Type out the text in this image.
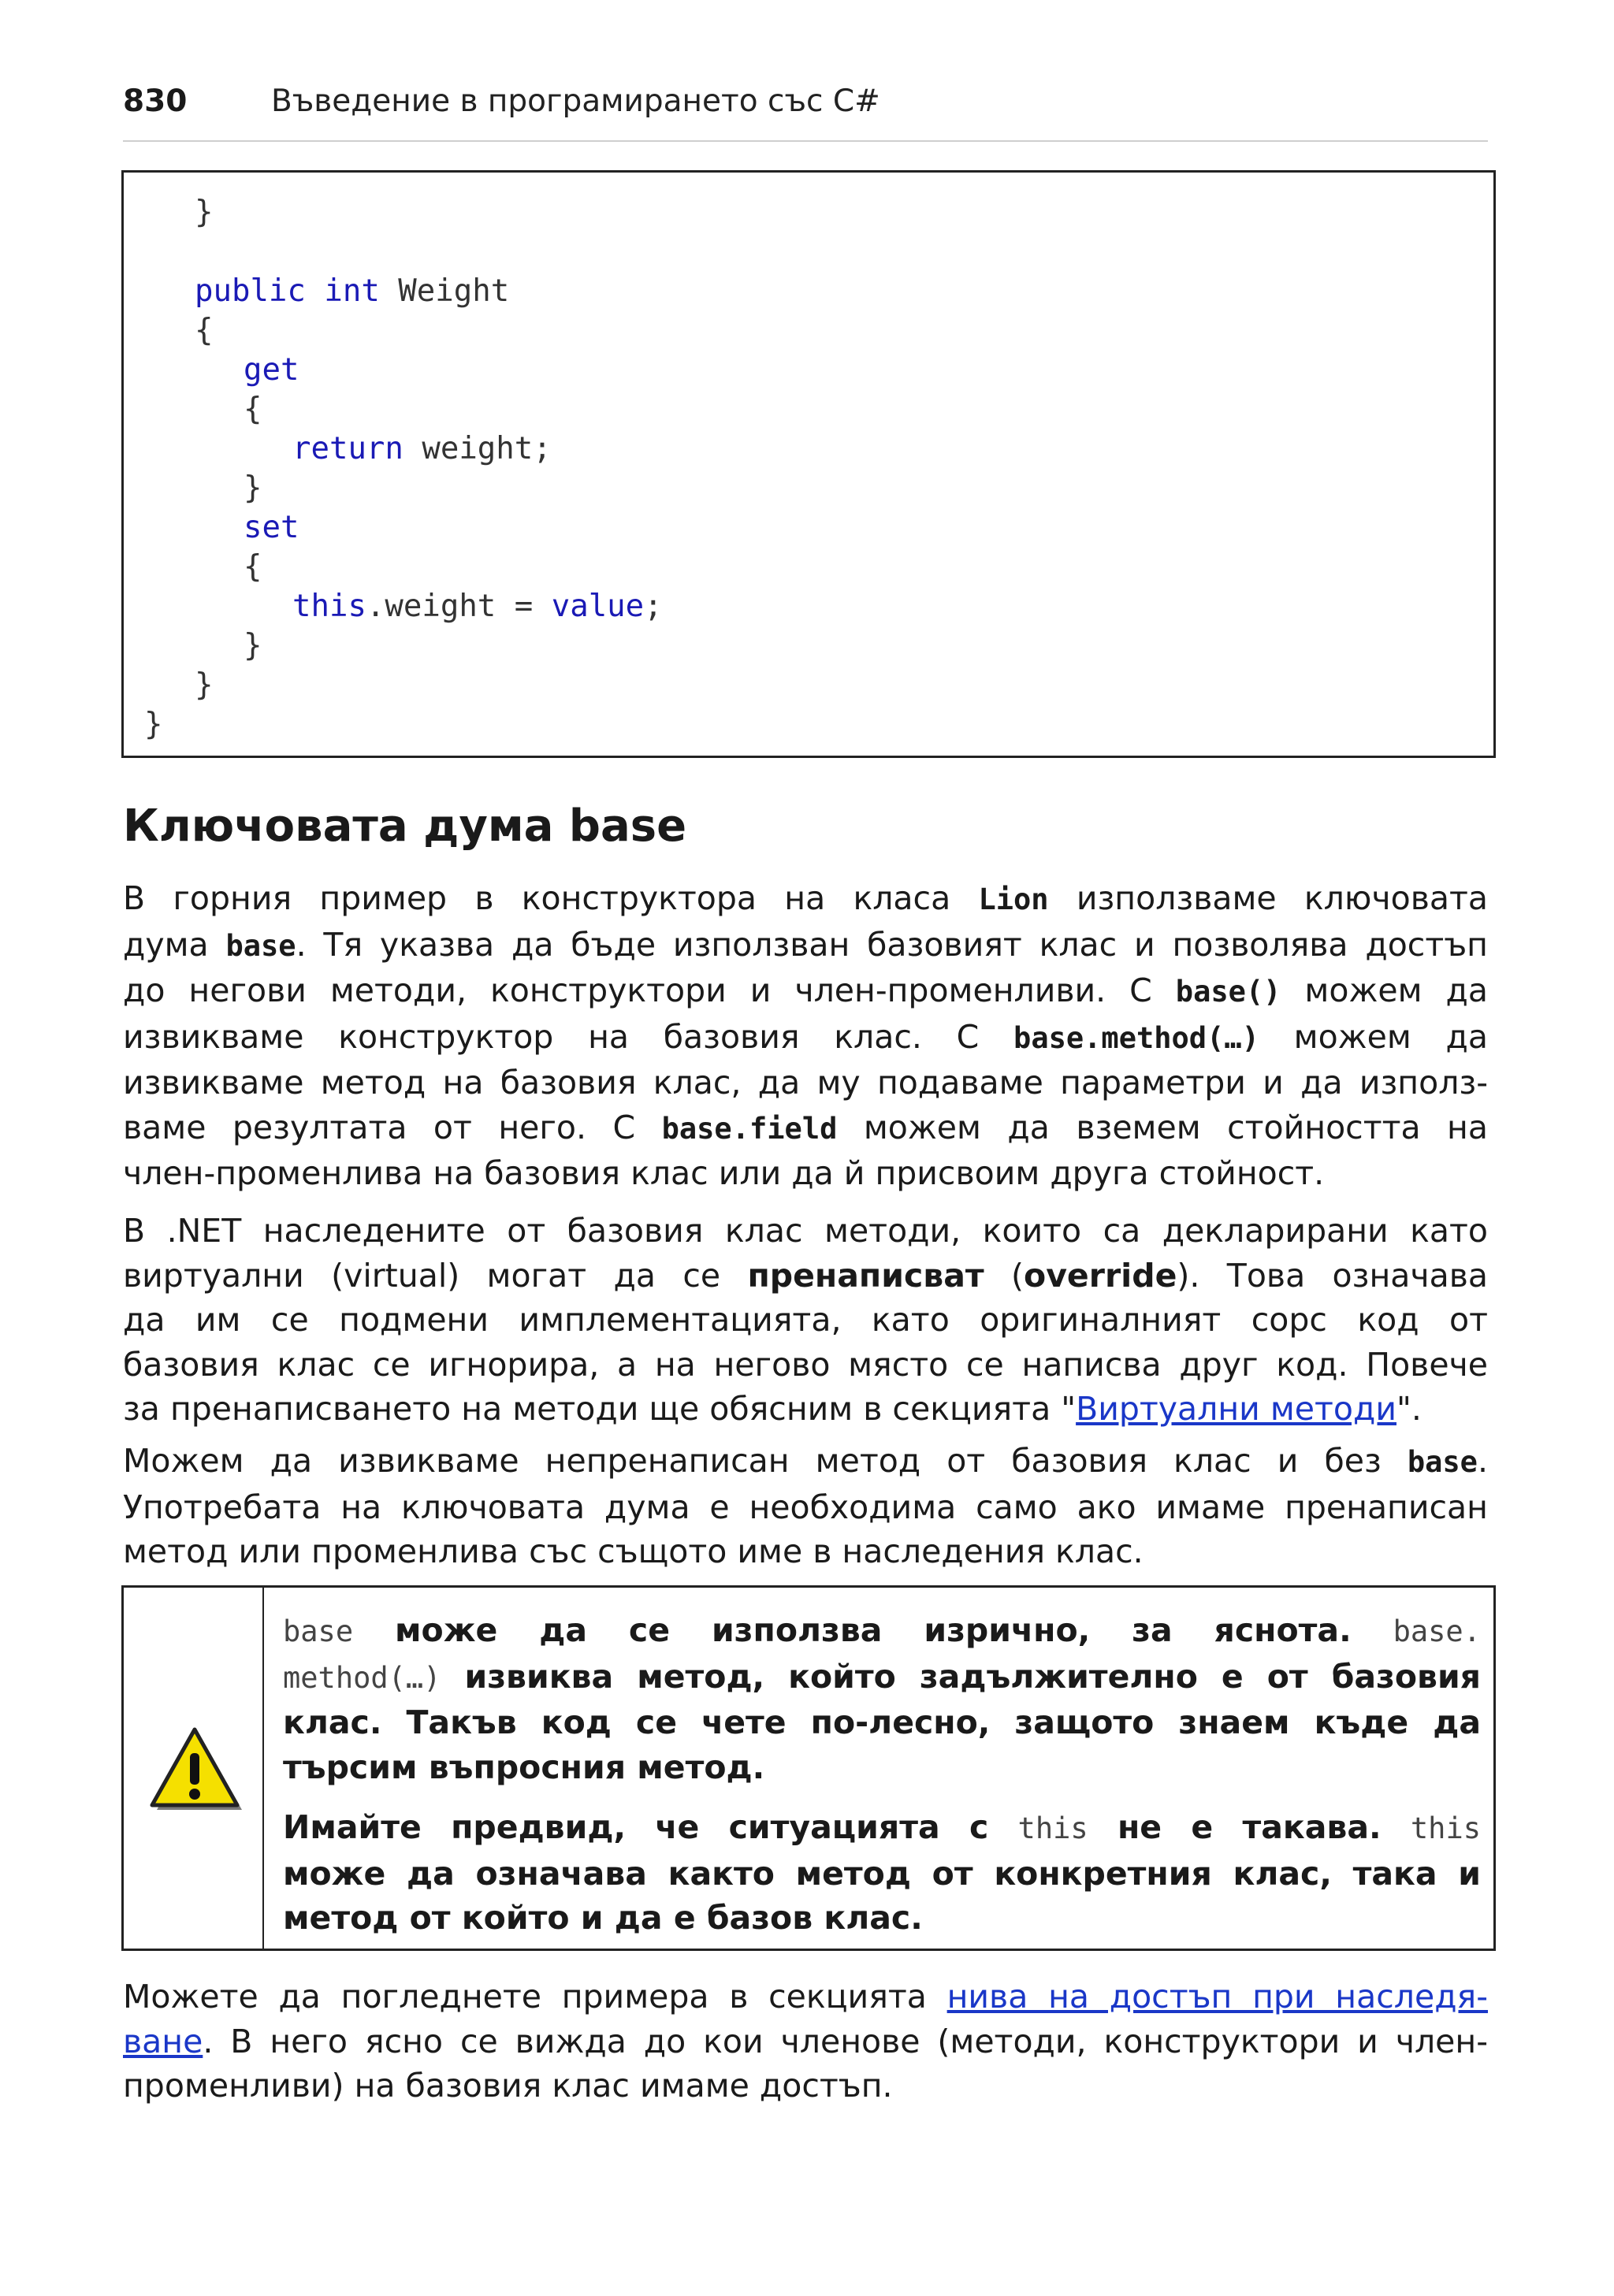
830	Въведение в програмирането със C#
}
public int Weight
{
get
{
return weight;
}
set
{
this.weight = value;
}
}
}
Ключовата дума base
В горния пример в конструктора на класа Lion използваме ключовата
дума base. Тя указва да бъде използван базовият клас и позволява достъп
до негови методи, конструктори и член-променливи. С base() можем да
извикваме конструктор на базовия клас. С base.method(…) можем да
извикваме метод на базовия клас, да му подаваме параметри и да използ-
ваме резултата от него. С base.field можем да вземем стойността на
член-променлива на базовия клас или да й присвоим друга стойност.
В .NET наследените от базовия клас методи, които са декларирани като
виртуални (virtual) могат да се пренаписват (override). Това означава
да им се подмени имплементацията, като оригиналният сорс код от
базовия клас се игнорира, а на негово място се написва друг код. Повече
за пренаписването на методи ще обясним в секцията "Виртуални методи".
Можем да извикваме непренаписан метод от базовия клас и без base.
Употребата на ключовата дума е необходима само ако имаме пренаписан
метод или променлива със същото име в наследения клас.
base може да се използва изрично, за яснота. base.
method(…) извиква метод, който задължително е от базовия
клас. Такъв код се чете по-лесно, защото знаем къде да
търсим въпросния метод.
Имайте предвид, че ситуацията с this не е такава. this
може да означава както метод от конкретния клас, така и
метод от който и да е базов клас.
Можете да погледнете примера в секцията нива на достъп при наследя-
ване. В него ясно се вижда до кои членове (методи, конструктори и член-
променливи) на базовия клас имаме достъп.
